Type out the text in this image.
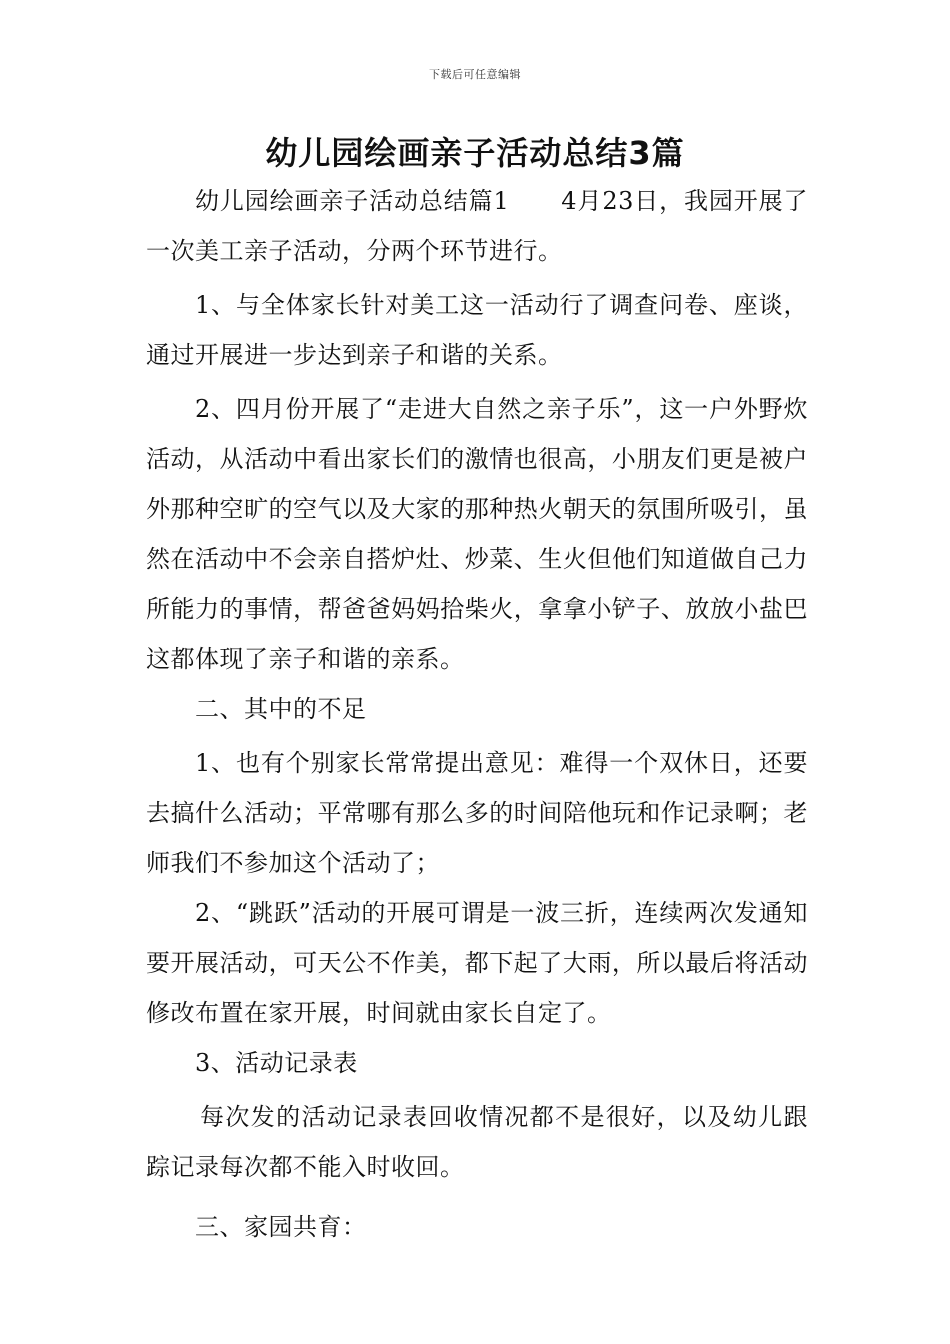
下载后可任意编辑
幼儿园绘画亲子活动总结3篇

幼儿园绘画亲子活动总结篇1 4月23日，我园开展了一次美工亲子活动，分两个环节进行。

1、与全体家长针对美工这一活动行了调查问卷、座谈，通过开展进一步达到亲子和谐的关系。

2、四月份开展了“走进大自然之亲子乐”，这一户外野炊活动，从活动中看出家长们的激情也很高，小朋友们更是被户外那种空旷的空气以及大家的那种热火朝天的氛围所吸引，虽然在活动中不会亲自搭炉灶、炒菜、生火但他们知道做自己力所能力的事情，帮爸爸妈妈拾柴火，拿拿小铲子、放放小盐巴这都体现了亲子和谐的亲系。

二、其中的不足

1、也有个别家长常常提出意见：难得一个双休日，还要去搞什么活动；平常哪有那么多的时间陪他玩和作记录啊；老师我们不参加这个活动了；

2、“跳跃”活动的开展可谓是一波三折，连续两次发通知要开展活动，可天公不作美，都下起了大雨，所以最后将活动修改布置在家开展，时间就由家长自定了。

3、活动记录表

每次发的活动记录表回收情况都不是很好，以及幼儿跟踪记录每次都不能入时收回。

三、家园共育：
